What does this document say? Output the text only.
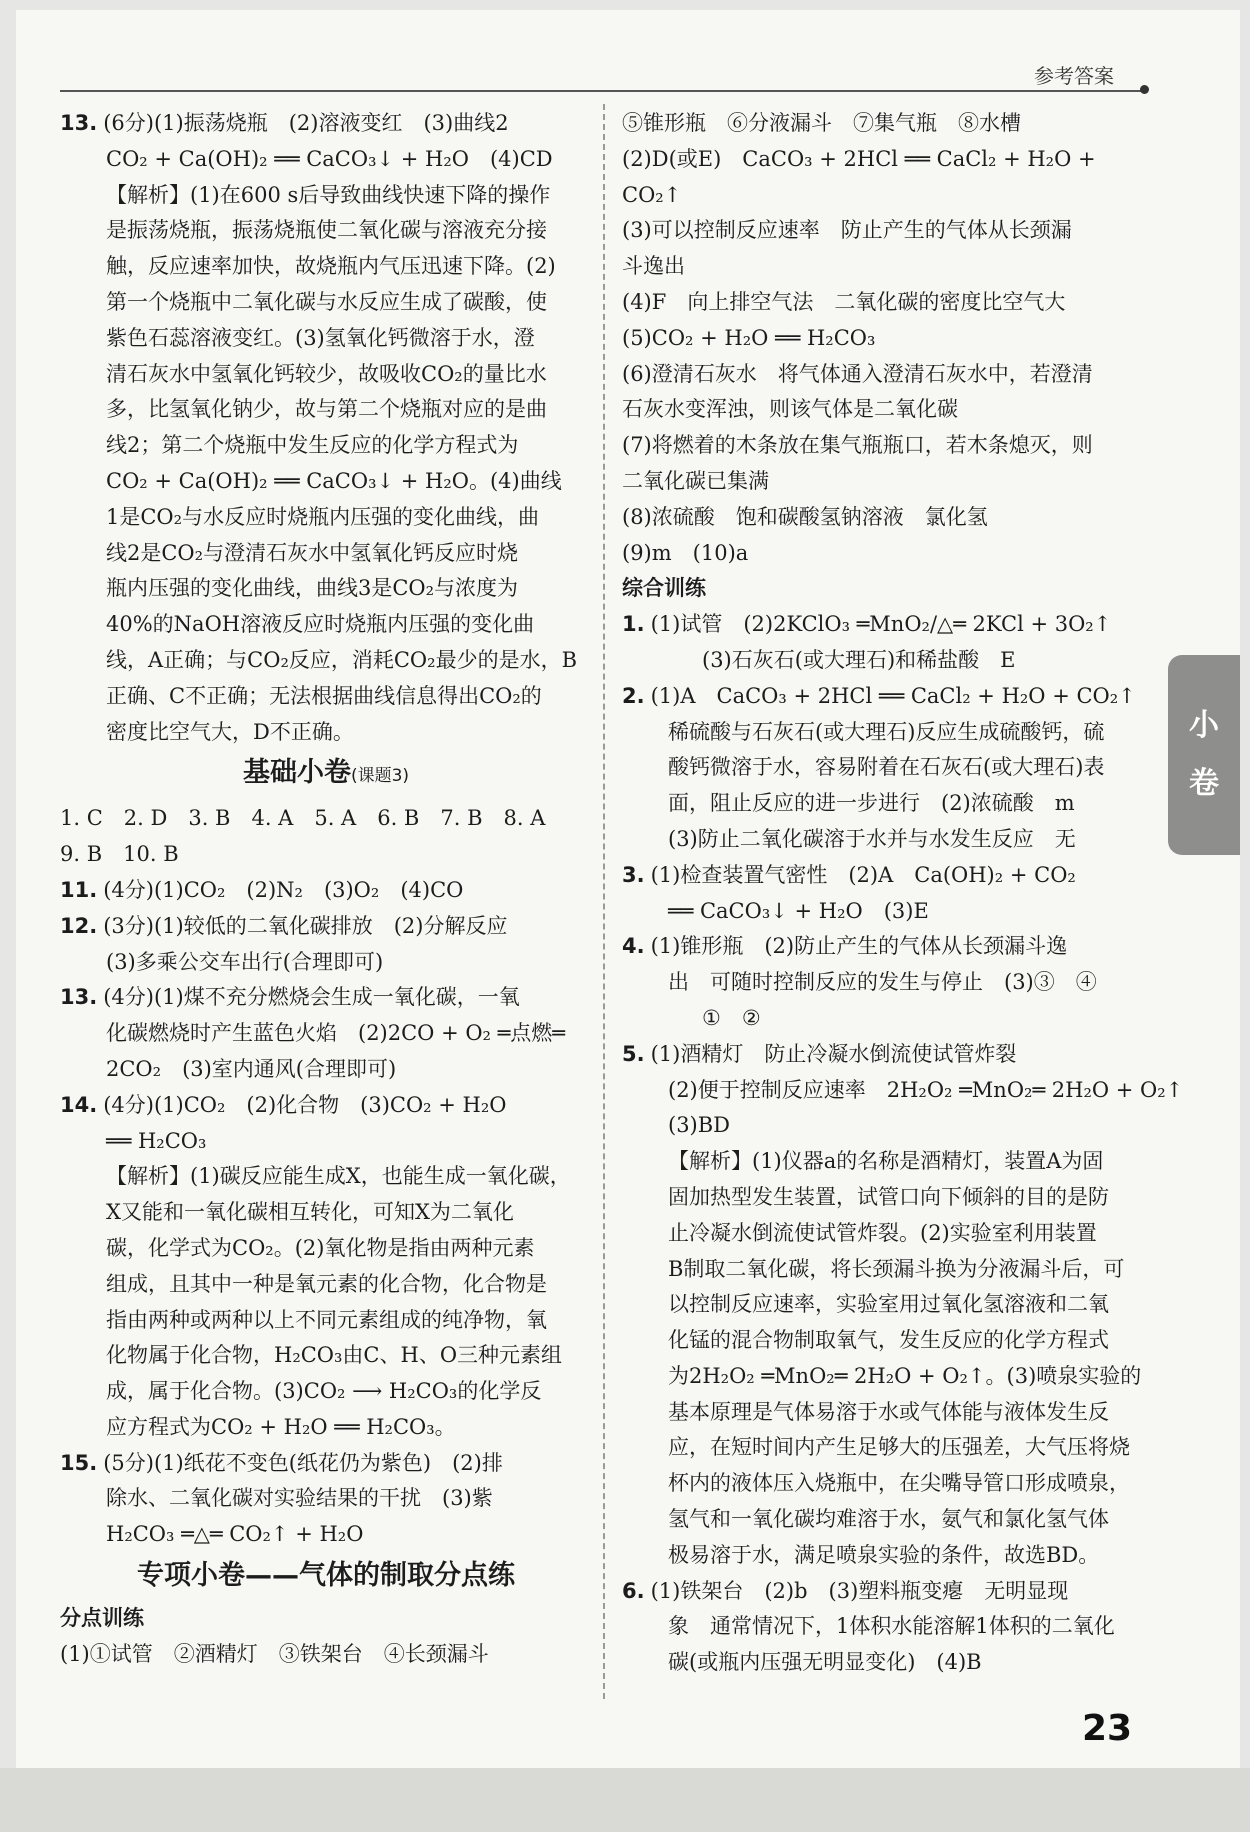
参考答案
13. (6分)(1)振荡烧瓶　(2)溶液变红　(3)曲线2
CO₂ + Ca(OH)₂ ══ CaCO₃↓ + H₂O　(4)CD
【解析】(1)在600 s后导致曲线快速下降的操作
是振荡烧瓶，振荡烧瓶使二氧化碳与溶液充分接
触，反应速率加快，故烧瓶内气压迅速下降。(2)
第一个烧瓶中二氧化碳与水反应生成了碳酸，使
紫色石蕊溶液变红。(3)氢氧化钙微溶于水，澄
清石灰水中氢氧化钙较少，故吸收CO₂的量比水
多，比氢氧化钠少，故与第二个烧瓶对应的是曲
线2；第二个烧瓶中发生反应的化学方程式为
CO₂ + Ca(OH)₂ ══ CaCO₃↓ + H₂O。(4)曲线
1是CO₂与水反应时烧瓶内压强的变化曲线，曲
线2是CO₂与澄清石灰水中氢氧化钙反应时烧
瓶内压强的变化曲线，曲线3是CO₂与浓度为
40%的NaOH溶液反应时烧瓶内压强的变化曲
线，A正确；与CO₂反应，消耗CO₂最少的是水，B
正确、C不正确；无法根据曲线信息得出CO₂的
密度比空气大，D不正确。
基础小卷(课题3)
1. C　2. D　3. B　4. A　5. A　6. B　7. B　8. A
9. B　10. B
11. (4分)(1)CO₂　(2)N₂　(3)O₂　(4)CO
12. (3分)(1)较低的二氧化碳排放　(2)分解反应
(3)多乘公交车出行(合理即可)
13. (4分)(1)煤不充分燃烧会生成一氧化碳，一氧
化碳燃烧时产生蓝色火焰　(2)2CO + O₂ ═点燃═
2CO₂　(3)室内通风(合理即可)
14. (4分)(1)CO₂　(2)化合物　(3)CO₂ + H₂O
══ H₂CO₃
【解析】(1)碳反应能生成X，也能生成一氧化碳，
X又能和一氧化碳相互转化，可知X为二氧化
碳，化学式为CO₂。(2)氧化物是指由两种元素
组成，且其中一种是氧元素的化合物，化合物是
指由两种或两种以上不同元素组成的纯净物，氧
化物属于化合物，H₂CO₃由C、H、O三种元素组
成，属于化合物。(3)CO₂ ⟶ H₂CO₃的化学反
应方程式为CO₂ + H₂O ══ H₂CO₃。
15. (5分)(1)纸花不变色(纸花仍为紫色)　(2)排
除水、二氧化碳对实验结果的干扰　(3)紫
H₂CO₃ ═△═ CO₂↑ + H₂O
专项小卷——气体的制取分点练
分点训练
(1)①试管　②酒精灯　③铁架台　④长颈漏斗
⑤锥形瓶　⑥分液漏斗　⑦集气瓶　⑧水槽
(2)D(或E)　CaCO₃ + 2HCl ══ CaCl₂ + H₂O +
CO₂↑
(3)可以控制反应速率　防止产生的气体从长颈漏
斗逸出
(4)F　向上排空气法　二氧化碳的密度比空气大
(5)CO₂ + H₂O ══ H₂CO₃
(6)澄清石灰水　将气体通入澄清石灰水中，若澄清
石灰水变浑浊，则该气体是二氧化碳
(7)将燃着的木条放在集气瓶瓶口，若木条熄灭，则
二氧化碳已集满
(8)浓硫酸　饱和碳酸氢钠溶液　氯化氢
(9)m　(10)a
综合训练
1. (1)试管　(2)2KClO₃ ═MnO₂/△═ 2KCl + 3O₂↑
(3)石灰石(或大理石)和稀盐酸　E
2. (1)A　CaCO₃ + 2HCl ══ CaCl₂ + H₂O + CO₂↑
稀硫酸与石灰石(或大理石)反应生成硫酸钙，硫
酸钙微溶于水，容易附着在石灰石(或大理石)表
面，阻止反应的进一步进行　(2)浓硫酸　m
(3)防止二氧化碳溶于水并与水发生反应　无
3. (1)检查装置气密性　(2)A　Ca(OH)₂ + CO₂
══ CaCO₃↓ + H₂O　(3)E
4. (1)锥形瓶　(2)防止产生的气体从长颈漏斗逸
出　可随时控制反应的发生与停止　(3)③　④
①　②
5. (1)酒精灯　防止冷凝水倒流使试管炸裂
(2)便于控制反应速率　2H₂O₂ ═MnO₂═ 2H₂O + O₂↑
(3)BD
【解析】(1)仪器a的名称是酒精灯，装置A为固
固加热型发生装置，试管口向下倾斜的目的是防
止冷凝水倒流使试管炸裂。(2)实验室利用装置
B制取二氧化碳，将长颈漏斗换为分液漏斗后，可
以控制反应速率，实验室用过氧化氢溶液和二氧
化锰的混合物制取氧气，发生反应的化学方程式
为2H₂O₂ ═MnO₂═ 2H₂O + O₂↑。(3)喷泉实验的
基本原理是气体易溶于水或气体能与液体发生反
应，在短时间内产生足够大的压强差，大气压将烧
杯内的液体压入烧瓶中，在尖嘴导管口形成喷泉，
氢气和一氧化碳均难溶于水，氨气和氯化氢气体
极易溶于水，满足喷泉实验的条件，故选BD。
6. (1)铁架台　(2)b　(3)塑料瓶变瘪　无明显现
象　通常情况下，1体积水能溶解1体积的二氧化
碳(或瓶内压强无明显变化)　(4)B
小
卷
23
